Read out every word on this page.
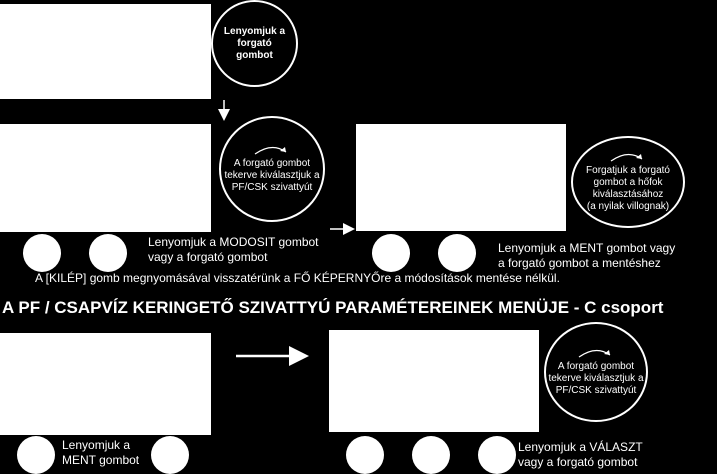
Lenyomjuk a forgató
gombot
A forgató gombot
tekerve kiválasztjuk a
PF/CSK szivattyút
Forgatjuk a forgató
gombot a hőfok
kiválasztásához
(a nyilak villognak)
A forgató gombot
tekerve kiválasztjuk a
PF/CSK szivattyút
Lenyomjuk a MODOSIT gombot
vagy a forgató gombot
Lenyomjuk a MENT gombot vagy
a forgató gombot a mentéshez
A [KILÉP] gomb megnyomásával visszatérünk a FŐ KÉPERNYŐre a módosítások mentése nélkül.
A PF / CSAPVÍZ KERINGETŐ SZIVATTYÚ PARAMÉTEREINEK MENÜJE - C csoport
Lenyomjuk a
MENT gombot
Lenyomjuk a VÁLASZT
vagy a forgató gombot
